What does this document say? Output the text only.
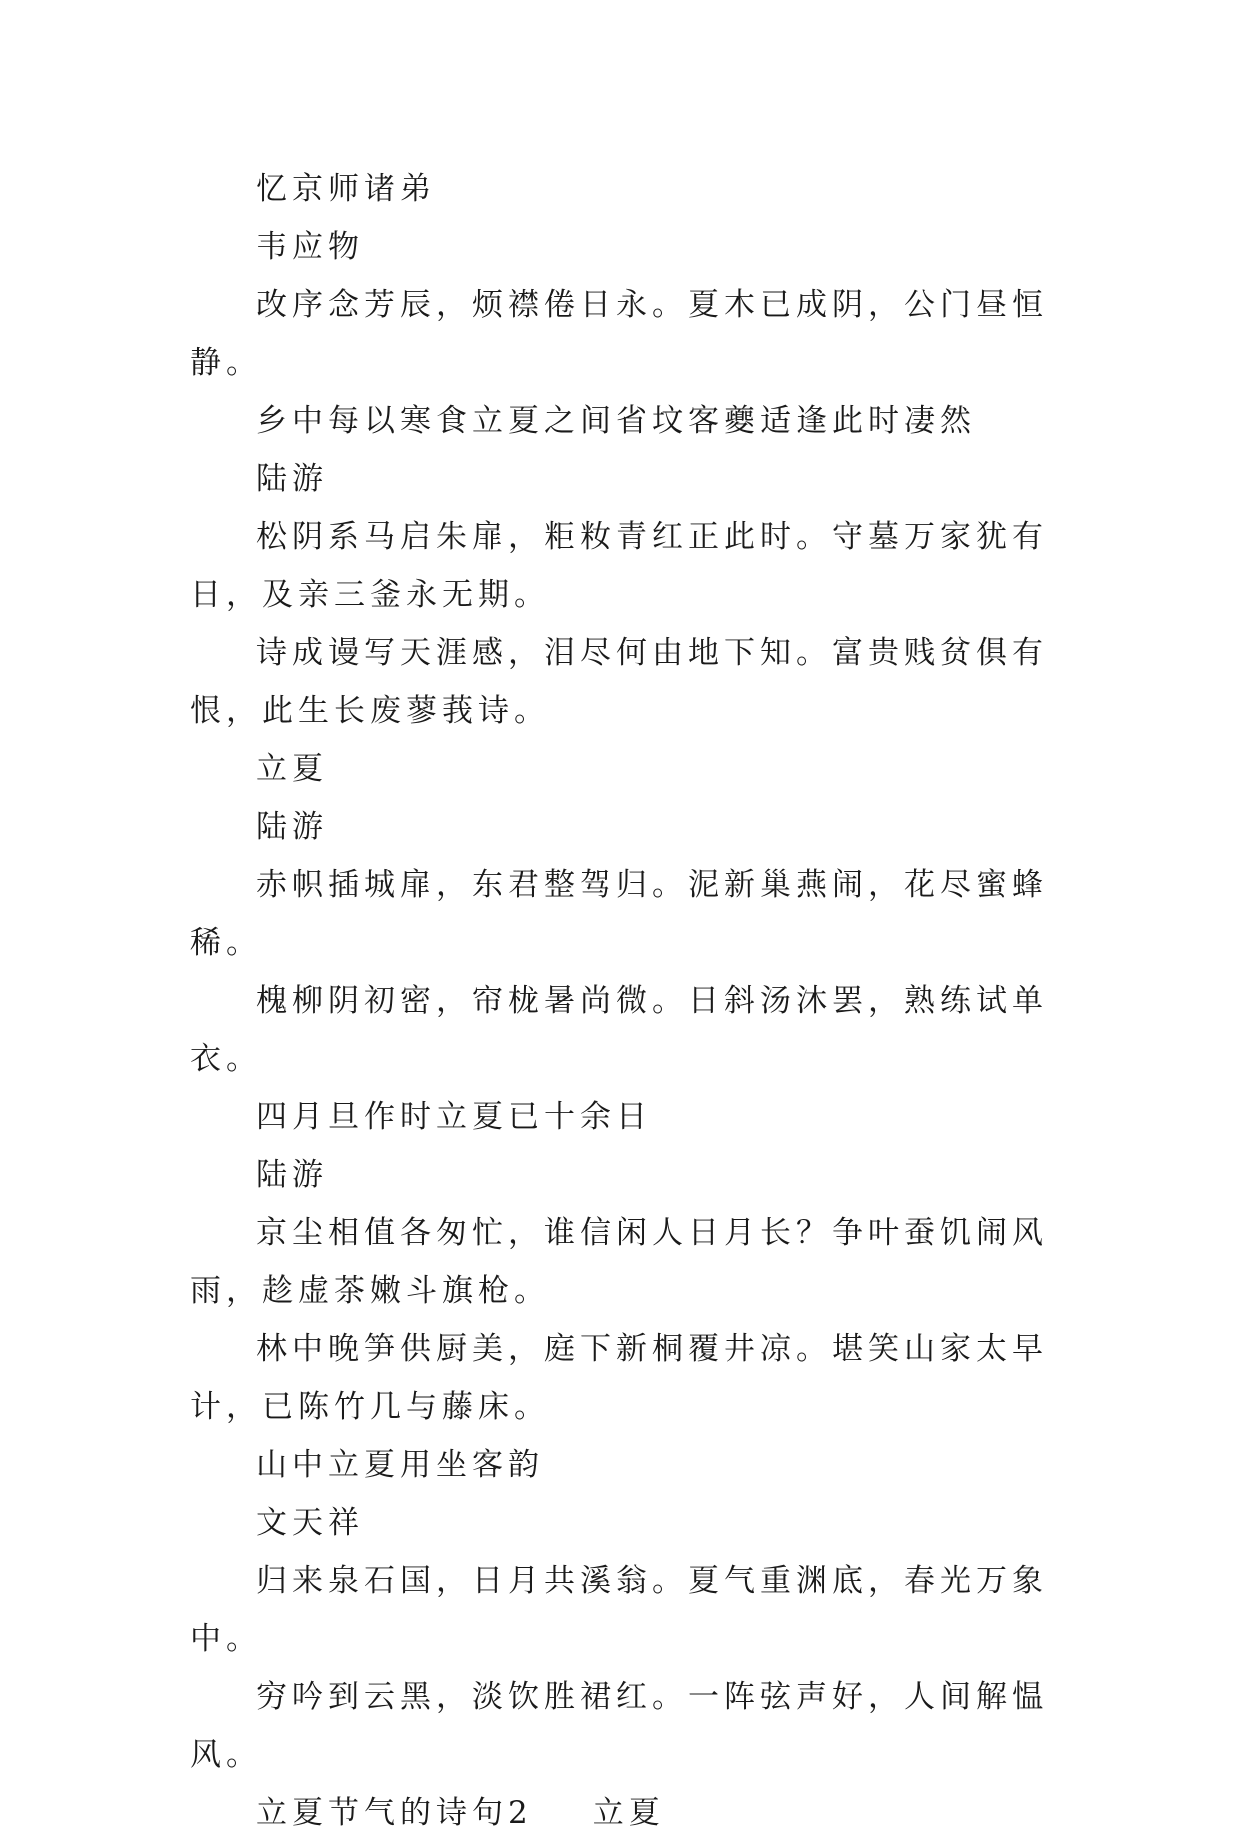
忆京师诸弟

韦应物

改序念芳辰，烦襟倦日永。夏木已成阴，公门昼恒静。

乡中每以寒食立夏之间省坟客夔适逢此时凄然

陆游

松阴系马启朱扉，粔籹青红正此时。守墓万家犹有日，及亲三釜永无期。

诗成谩写天涯感，泪尽何由地下知。富贵贱贫俱有恨，此生长废蓼莪诗。

立夏

陆游

赤帜插城扉，东君整驾归。泥新巢燕闹，花尽蜜蜂稀。

槐柳阴初密，帘栊暑尚微。日斜汤沐罢，熟练试单衣。

四月旦作时立夏已十余日

陆游

京尘相值各匆忙，谁信闲人日月长？争叶蚕饥闹风雨，趁虚茶嫩斗旗枪。

林中晚笋供厨美，庭下新桐覆井凉。堪笑山家太早计，已陈竹几与藤床。

山中立夏用坐客韵

文天祥

归来泉石国，日月共溪翁。夏气重渊底，春光万象中。

穷吟到云黑，淡饮胜裙红。一阵弦声好，人间解愠风。

立夏节气的诗句2 立夏
